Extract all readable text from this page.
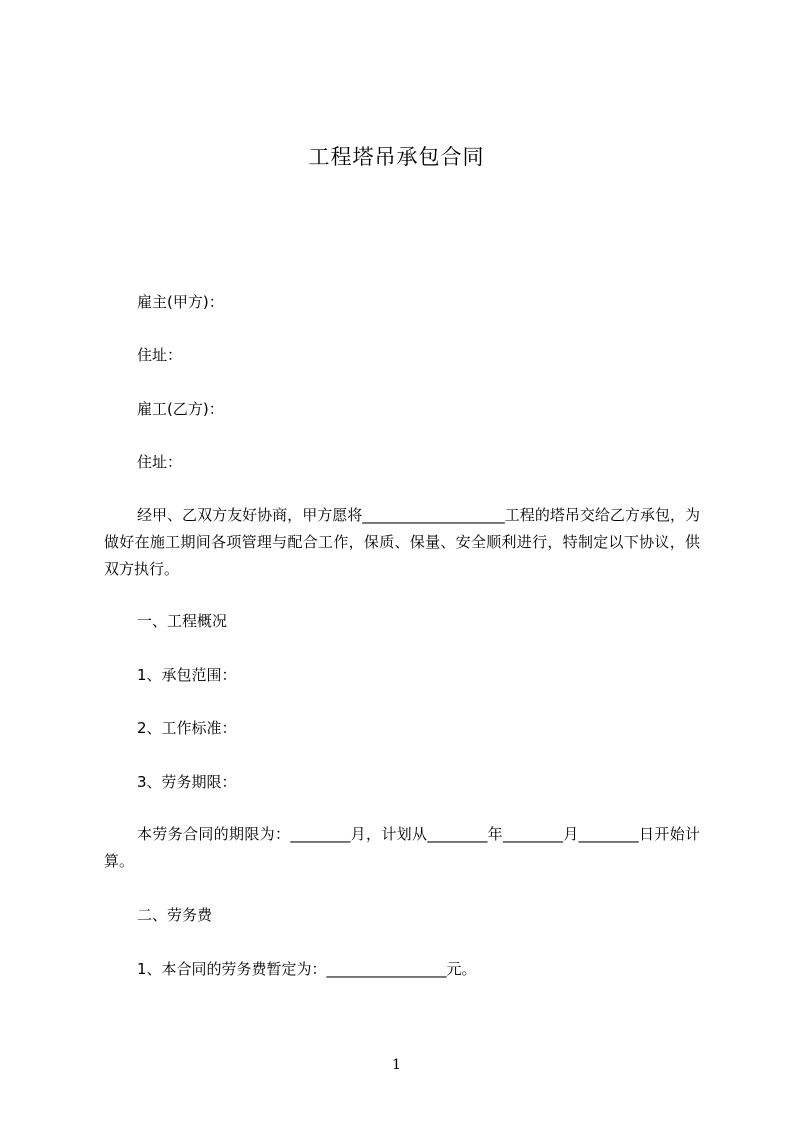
工程塔吊承包合同
雇主(甲方)：
住址：
雇工(乙方)：
住址：
经甲、乙双方友好协商，甲方愿将___________________工程的塔吊交给乙方承包，为做好在施工期间各项管理与配合工作，保质、保量、安全顺利进行，特制定以下协议，供双方执行。
一、工程概况
1、承包范围：
2、工作标准：
3、劳务期限：
本劳务合同的期限为：________月，计划从________年________月________日开始计算。
二、劳务费
1、本合同的劳务费暂定为：________________元。
1
